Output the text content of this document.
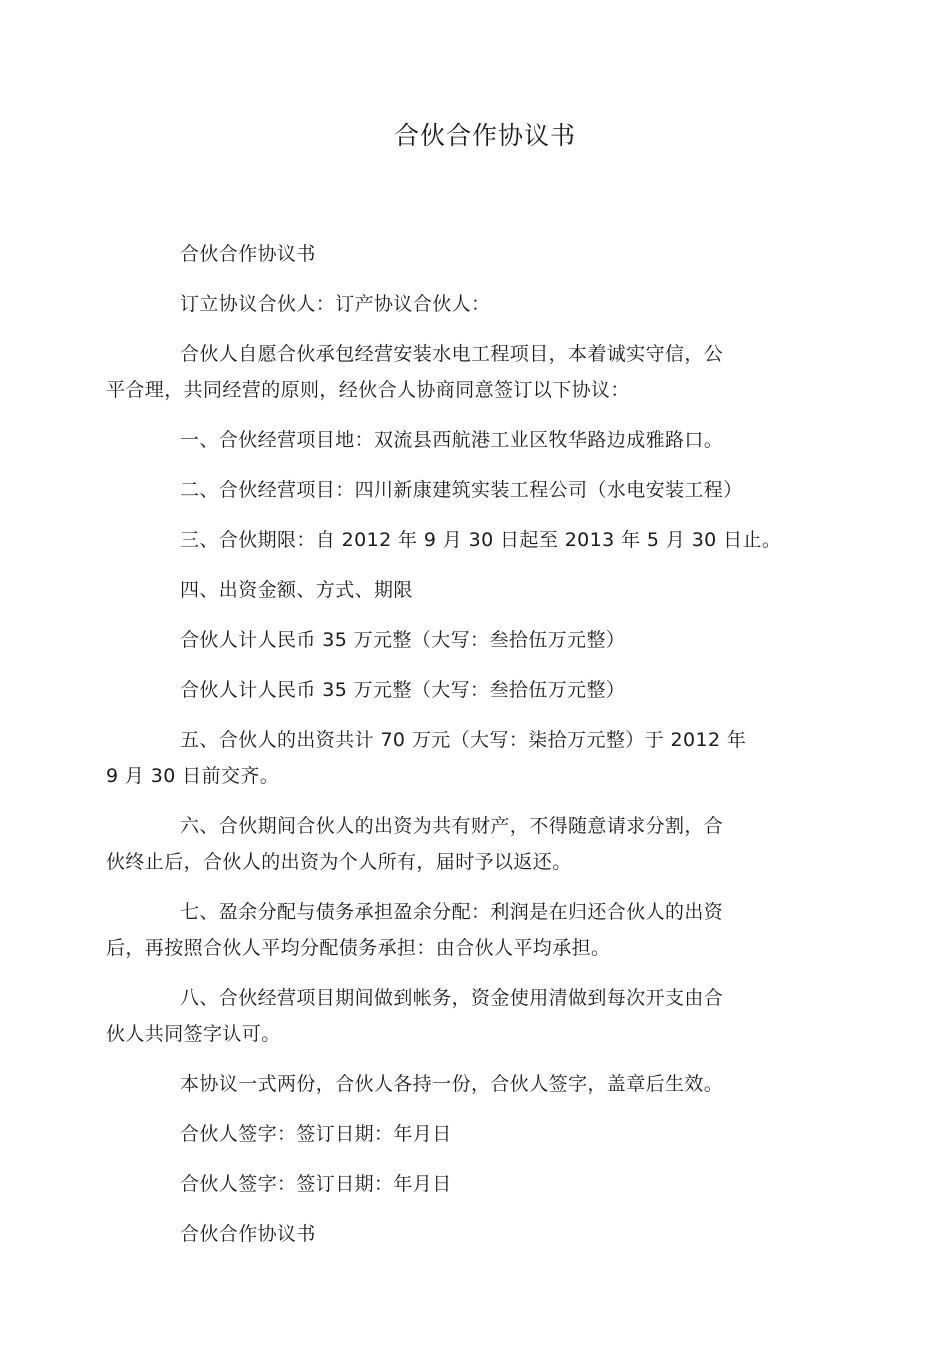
合伙合作协议书
合伙合作协议书
订立协议合伙人：订产协议合伙人：
合伙人自愿合伙承包经营安装水电工程项目，本着诚实守信，公
平合理，共同经营的原则，经伙合人协商同意签订以下协议：
一、合伙经营项目地：双流县西航港工业区牧华路边成雅路口。
二、合伙经营项目：四川新康建筑实装工程公司（水电安装工程）
三、合伙期限：自 2012 年 9 月 30 日起至 2013 年 5 月 30 日止。
四、出资金额、方式、期限
合伙人计人民币 35 万元整（大写：叁拾伍万元整）
合伙人计人民币 35 万元整（大写：叁拾伍万元整）
五、合伙人的出资共计 70 万元（大写：柒拾万元整）于 2012 年
9 月 30 日前交齐。
六、合伙期间合伙人的出资为共有财产，不得随意请求分割，合
伙终止后，合伙人的出资为个人所有，届时予以返还。
七、盈余分配与债务承担盈余分配：利润是在归还合伙人的出资
后，再按照合伙人平均分配债务承担：由合伙人平均承担。
八、合伙经营项目期间做到帐务，资金使用清做到每次开支由合
伙人共同签字认可。
本协议一式两份，合伙人各持一份，合伙人签字，盖章后生效。
合伙人签字：签订日期：年月日
合伙人签字：签订日期：年月日
合伙合作协议书
